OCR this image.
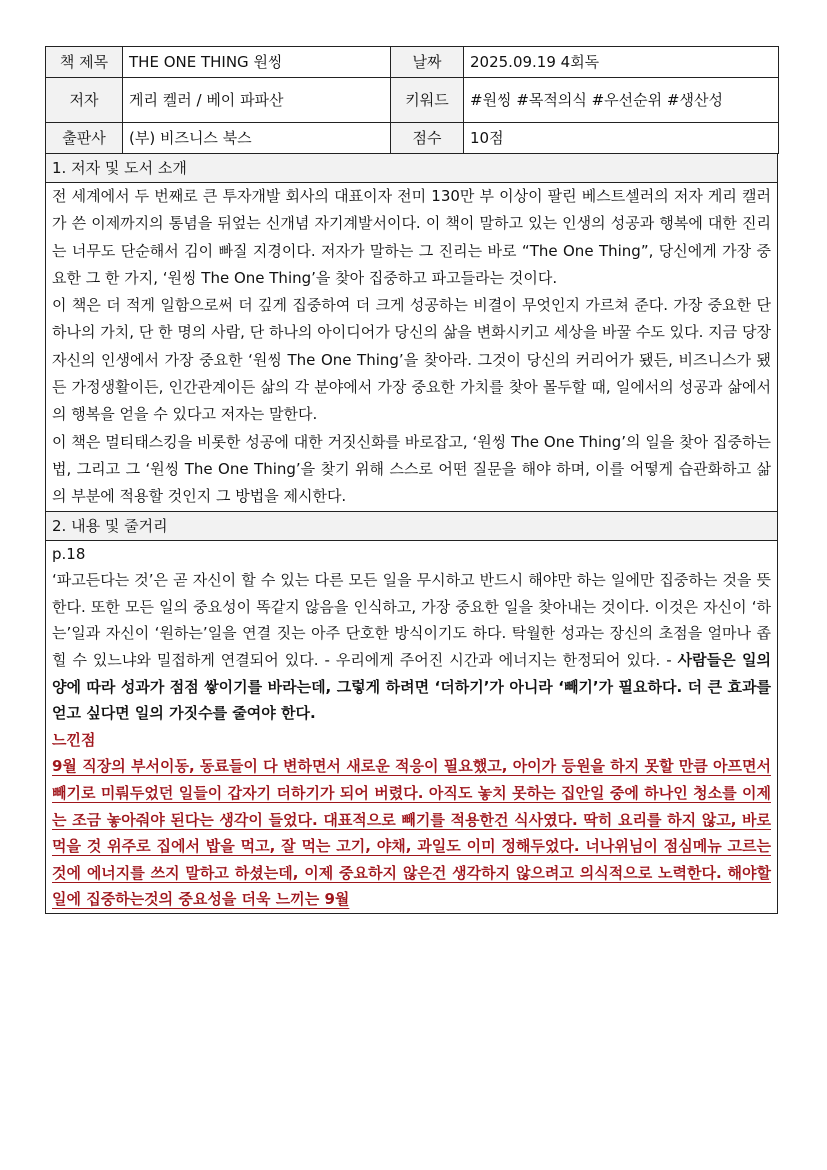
책 제목	THE ONE THING 원씽	날짜	2025.09.19 4회독
저자	게리 켈러 / 베이 파파산	키워드	#원씽 #목적의식 #우선순위 #생산성
출판사	(부) 비즈니스 북스	점수	10점
1. 저자 및 도서 소개
전 세계에서 두 번째로 큰 투자개발 회사의 대표이자 전미 130만 부 이상이 팔린 베스트셀러의 저자 게리 캘러가 쓴 이제까지의 통념을 뒤엎는 신개념 자기계발서이다. 이 책이 말하고 있는 인생의 성공과 행복에 대한 진리는 너무도 단순해서 김이 빠질 지경이다. 저자가 말하는 그 진리는 바로 “The One Thing”, 당신에게 가장 중요한 그 한 가지, ‘원씽 The One Thing’을 찾아 집중하고 파고들라는 것이다.
이 책은 더 적게 일함으로써 더 깊게 집중하여 더 크게 성공하는 비결이 무엇인지 가르쳐 준다. 가장 중요한 단 하나의 가치, 단 한 명의 사람, 단 하나의 아이디어가 당신의 삶을 변화시키고 세상을 바꿀 수도 있다. 지금 당장 자신의 인생에서 가장 중요한 ‘원씽 The One Thing’을 찾아라. 그것이 당신의 커리어가 됐든, 비즈니스가 됐든 가정생활이든, 인간관계이든 삶의 각 분야에서 가장 중요한 가치를 찾아 몰두할 때, 일에서의 성공과 삶에서의 행복을 얻을 수 있다고 저자는 말한다.
이 책은 멀티태스킹을 비롯한 성공에 대한 거짓신화를 바로잡고, ‘원씽 The One Thing’의 일을 찾아 집중하는 법, 그리고 그 ‘원씽 The One Thing’을 찾기 위해 스스로 어떤 질문을 해야 하며, 이를 어떻게 습관화하고 삶의 부분에 적용할 것인지 그 방법을 제시한다.
2. 내용 및 줄거리
p.18
‘파고든다는 것’은 곧 자신이 할 수 있는 다른 모든 일을 무시하고 반드시 해야만 하는 일에만 집중하는 것을 뜻한다. 또한 모든 일의 중요성이 똑같지 않음을 인식하고, 가장 중요한 일을 찾아내는 것이다. 이것은 자신이 ‘하는’일과 자신이 ‘원하는’일을 연결 짓는 아주 단호한 방식이기도 하다. 탁월한 성과는 장신의 초점을 얼마나 좁힐 수 있느냐와 밀접하게 연결되어 있다. - 우리에게 주어진 시간과 에너지는 한정되어 있다. - 사람들은 일의 양에 따라 성과가 점점 쌓이기를 바라는데, 그렇게 하려면 ‘더하기’가 아니라 ‘빼기’가 필요하다. 더 큰 효과를 얻고 싶다면 일의 가짓수를 줄여야 한다.
느낀점
9월 직장의 부서이동, 동료들이 다 변하면서 새로운 적응이 필요했고, 아이가 등원을 하지 못할 만큼 아프면서 빼기로 미뤄두었던 일들이 갑자기 더하기가 되어 버렸다. 아직도 놓치 못하는 집안일 중에 하나인 청소를 이제는 조금 놓아줘야 된다는 생각이 들었다. 대표적으로 빼기를 적용한건 식사였다. 딱히 요리를 하지 않고, 바로 먹을 것 위주로 집에서 밥을 먹고, 잘 먹는 고기, 야채, 과일도 이미 정해두었다. 너나위님이 점심메뉴 고르는것에 에너지를 쓰지 말하고 하셨는데, 이제 중요하지 않은건 생각하지 않으려고 의식적으로 노력한다. 해야할 일에 집중하는것의 중요성을 더욱 느끼는 9월
